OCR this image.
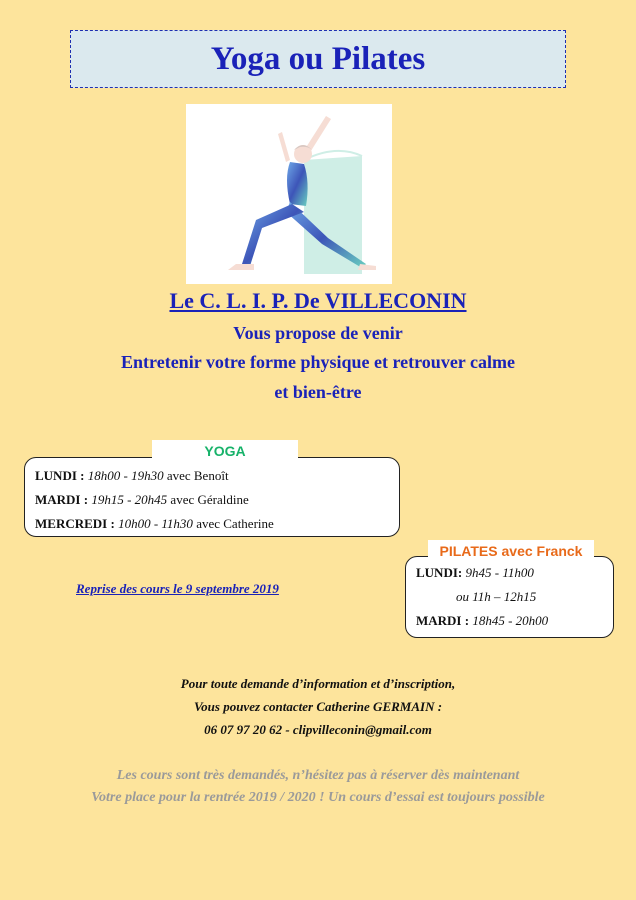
Yoga ou Pilates
Le C. L. I. P. De VILLECONIN
Vous propose de venir
Entretenir votre forme physique et retrouver calme
et bien-être
YOGA
LUNDI : 18h00 - 19h30 avec Benoît
MARDI : 19h15 - 20h45 avec Géraldine
MERCREDI : 10h00 - 11h30 avec Catherine
PILATES avec Franck
LUNDI: 9h45 - 11h00
ou 11h – 12h15
MARDI : 18h45 - 20h00
Reprise des cours le 9 septembre 2019
Pour toute demande d’information et d’inscription,
Vous pouvez contacter Catherine GERMAIN :
06 07 97 20 62 - clipvilleconin@gmail.com
Les cours sont très demandés, n’hésitez pas à réserver dès maintenant
Votre place pour la rentrée 2019 / 2020 ! Un cours d’essai est toujours possible
